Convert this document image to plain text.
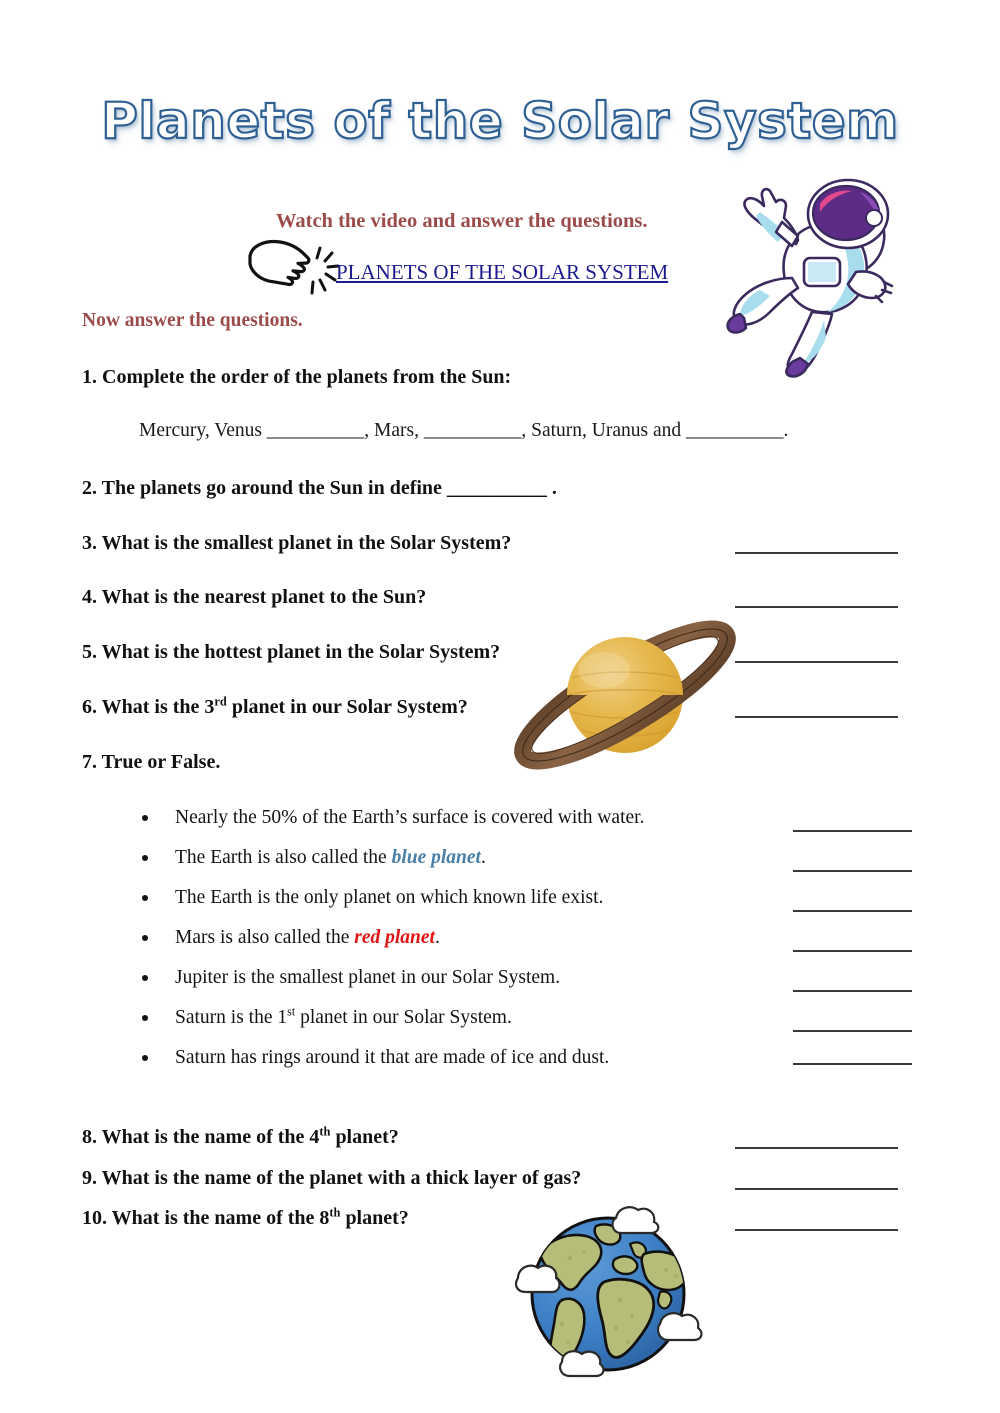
Planets of the Solar System
Watch the video and answer the questions.
PLANETS OF THE SOLAR SYSTEM
Now answer the questions.
1. Complete the order of the planets from the Sun:
Mercury, Venus __________, Mars, __________, Saturn, Uranus and __________.
2. The planets go around the Sun in define __________ .
3. What is the smallest planet in the Solar System?
4. What is the nearest planet to the Sun?
5. What is the hottest planet in the Solar System?
6. What is the 3rd planet in our Solar System?
7. True or False.
Nearly the 50% of the Earth’s surface is covered with water.
The Earth is also called the blue planet.
The Earth is the only planet on which known life exist.
Mars is also called the red planet.
Jupiter is the smallest planet in our Solar System.
Saturn is the 1st planet in our Solar System.
Saturn has rings around it that are made of ice and dust.
8. What is the name of the 4th planet?
9. What is the name of the planet with a thick layer of gas?
10. What is the name of the 8th planet?
